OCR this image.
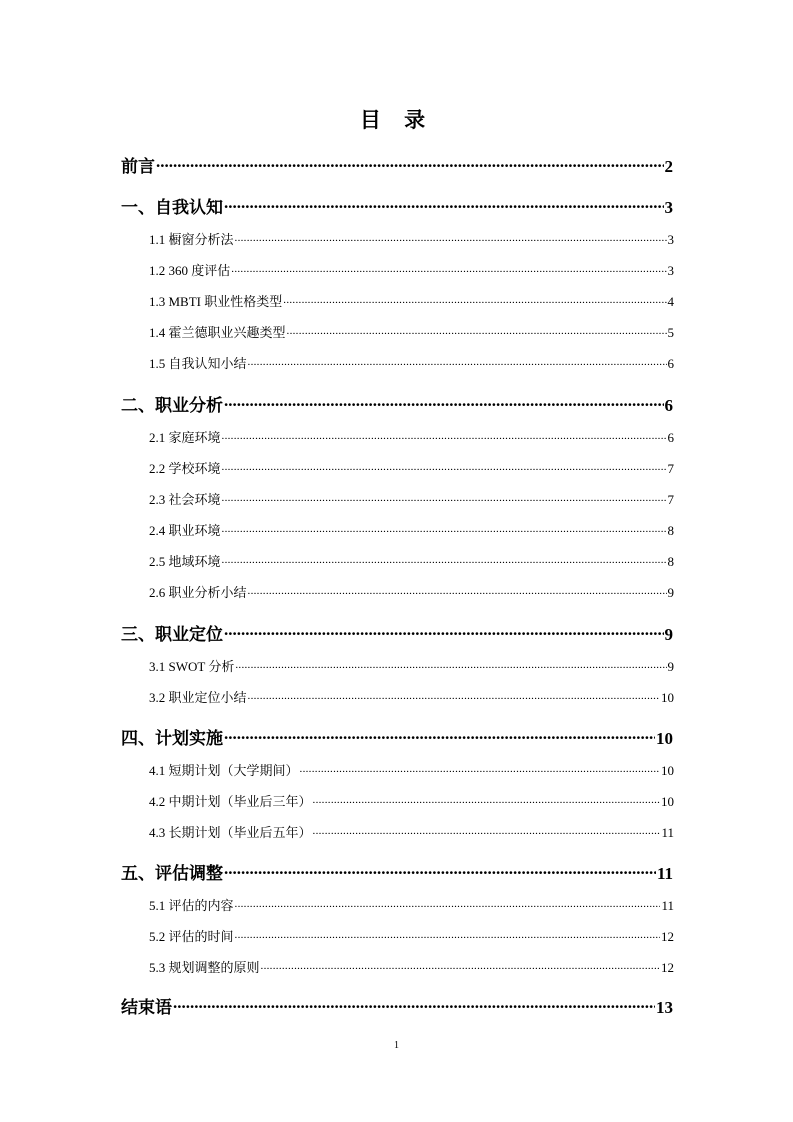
目 录
前言 .....	2
一、自我认知 .....	3
1.1 橱窗分析法 .....	3
1.2 360 度评估 .....	3
1.3 MBTI 职业性格类型 .....	4
1.4 霍兰德职业兴趣类型 .....	5
1.5 自我认知小结 .....	6
二、职业分析 .....	6
2.1 家庭环境 .....	6
2.2 学校环境 .....	7
2.3 社会环境 .....	7
2.4 职业环境 .....	8
2.5 地域环境 .....	8
2.6 职业分析小结 .....	9
三、职业定位 .....	9
3.1 SWOT 分析 .....	9
3.2 职业定位小结 .....	10
四、计划实施 .....	10
4.1 短期计划（大学期间） .....	10
4.2 中期计划（毕业后三年） .....	10
4.3 长期计划（毕业后五年） .....	11
五、评估调整 .....	11
5.1 评估的内容 .....	11
5.2 评估的时间 .....	12
5.3 规划调整的原则 .....	12
结束语 .....	13
1
